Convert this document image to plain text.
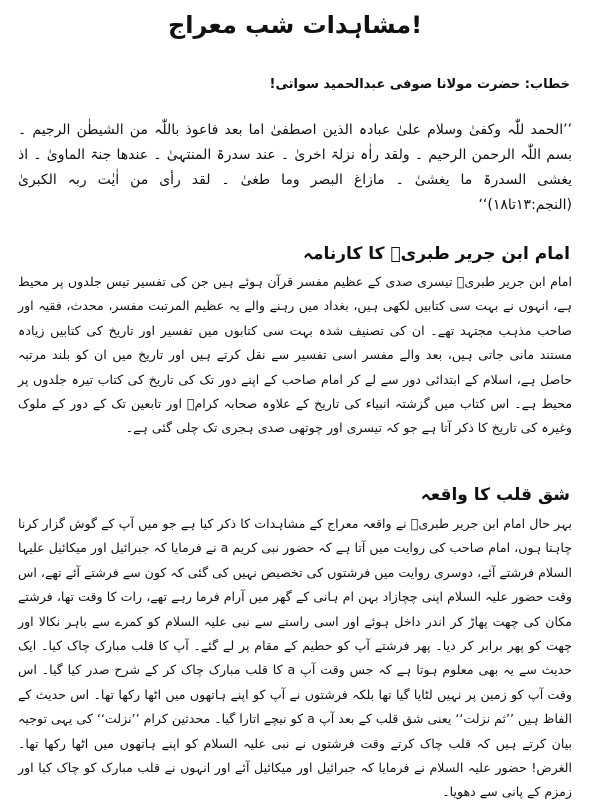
مشاہدات شب معراج!
خطاب: حضرت مولانا صوفی عبدالحمید سواتی!
’’الحمد للّٰہ وکفیٰ وسلام علیٰ عبادہ الذین اصطفیٰ اما بعد فاعوذ باللّٰہ من الشیطٰن الرجیم ۔ بسم اللّٰہ الرحمن الرحیم ۔ ولقد راٰہ نزلۃ اخریٰ ۔ عند سدرۃ المنتہیٰ ۔ عندھا جنۃ الماویٰ ۔ اذ یغشی السدرۃ ما یغشیٰ ۔ مازاغ البصر وما طغیٰ ۔ لقد رأی من اٰیٰت ربہ الکبریٰ (النجم:۱۳تا۱۸)‘‘
امام ابن جریر طبریؒ کا کارنامہ
امام ابن جریر طبریؒ تیسری صدی کے عظیم مفسر قرآن ہوئے ہیں جن کی تفسیر تیس جلدوں پر محیط ہے، انہوں نے بہت سی کتابیں لکھی ہیں، بغداد میں رہنے والے یہ عظیم المرتبت مفسر، محدث، فقیہ اور صاحب مذہب مجتہد تھے۔ ان کی تصنیف شدہ بہت سی کتابوں میں تفسیر اور تاریخ کی کتابیں زیادہ مستند مانی جاتی ہیں، بعد والے مفسر اسی تفسیر سے نقل کرتے ہیں اور تاریخ میں ان کو بلند مرتبہ حاصل ہے، اسلام کے ابتدائی دور سے لے کر امام صاحب کے اپنے دور تک کی تاریخ کی کتاب تیرہ جلدوں پر محیط ہے۔ اس کتاب میں گزشتہ انبیاء کی تاریخ کے علاوہ صحابہ کرامؓ اور تابعین تک کے دور کے ملوک وغیرہ کی تاریخ کا ذکر آتا ہے جو کہ تیسری اور چوتھی صدی ہجری تک چلی گئی ہے۔
شق قلب کا واقعہ
بہر حال امام ابن جریر طبریؒ نے واقعہ معراج کے مشاہدات کا ذکر کیا ہے جو میں آپ کے گوش گزار کرنا چاہتا ہوں، امام صاحب کی روایت میں آتا ہے کہ حضور نبی کریم a نے فرمایا کہ جبرائیل اور میکائیل علیہا السلام فرشتے آئے، دوسری روایت میں فرشتوں کی تخصیص نہیں کی گئی کہ کون سے فرشتے آئے تھے، اس وقت حضور علیہ السلام اپنی چچازاد بہن ام ہانی کے گھر میں آرام فرما رہے تھے، رات کا وقت تھا، فرشتے مکان کی چھت پھاڑ کر اندر داخل ہوئے اور اسی راستے سے نبی علیہ السلام کو کمرے سے باہر نکالا اور چھت کو پھر برابر کر دیا۔ پھر فرشتے آپ کو حطیم کے مقام پر لے گئے۔ آپ کا قلب مبارک چاک کیا۔ ایک حدیث سے یہ بھی معلوم ہوتا ہے کہ جس وقت آپ a کا قلب مبارک چاک کر کے شرح صدر کیا گیا۔ اس وقت آپ کو زمین پر نہیں لٹایا گیا تھا بلکہ فرشتوں نے آپ کو اپنے ہاتھوں میں اٹھا رکھا تھا۔ اس حدیث کے الفاظ ہیں ’’ثم نزلت‘‘ یعنی شق قلب کے بعد آپ a کو نیچے اتارا گیا۔ محدثین کرام ’’نزلت‘‘ کی یہی توجیہ بیان کرتے ہیں کہ قلب چاک کرتے وقت فرشتوں نے نبی علیہ السلام کو اپنے ہاتھوں میں اٹھا رکھا تھا۔ الغرض! حضور علیہ السلام نے فرمایا کہ جبرائیل اور میکائیل آئے اور انہوں نے قلب مبارک کو چاک کیا اور زمزم کے پانی سے دھویا۔
